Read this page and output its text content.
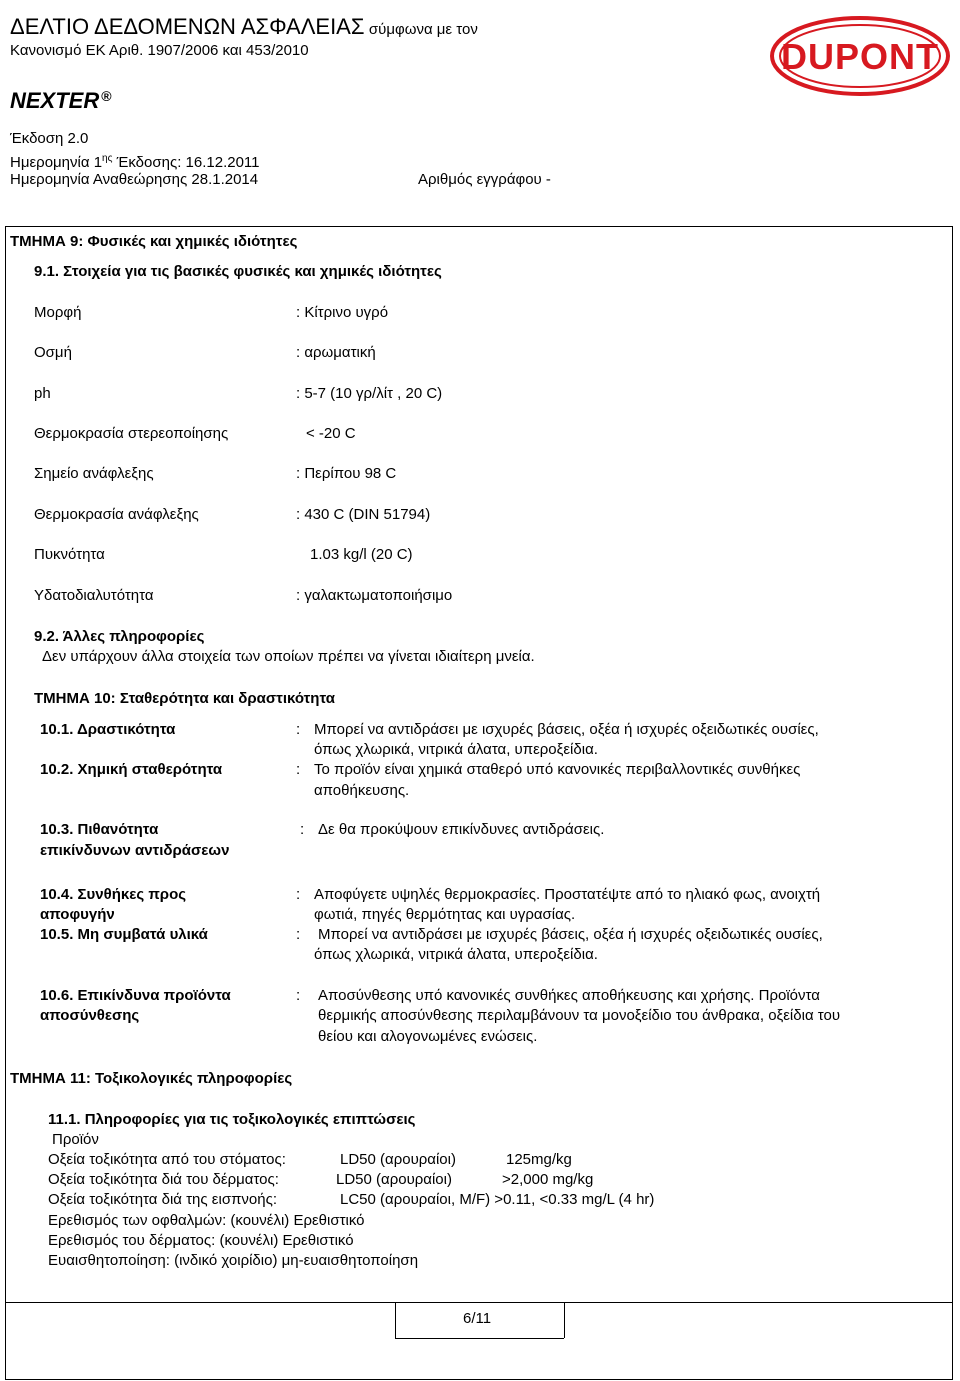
ΔΕΛΤΙΟ ΔΕΔΟΜΕΝΩΝ ΑΣΦΑΛΕΙΑΣ σύμφωνα με τον
Κανονισμό ΕΚ Αριθ. 1907/2006 και 453/2010
NEXTER ®
Έκδοση 2.0
Ημερομηνία $1^{\eta\varsigma}$ Έκδοσης: 16.12.2011
Ημερομηνία Αναθεώρησης 28.1.2014	Αριθμός εγγράφου -
DUPONT
ΤΜΗΜΑ 9: Φυσικές και χημικές ιδιότητες
9.1. Στοιχεία για τις βασικές φυσικές και χημικές ιδιότητες
Μορφή	: Κίτρινο υγρό
Οσμή	: αρωματική
ph	: 5-7 (10 γρ/λίτ , 20 C)
Θερμοκρασία στερεοποίησης	< -20 C
Σημείο ανάφλεξης	: Περίπου 98 C
Θερμοκρασία ανάφλεξης	: 430 C (DIN 51794)
Πυκνότητα	1.03 kg/l (20 C)
Υδατοδιαλυτότητα	: γαλακτωματοποιήσιμο
9.2. Άλλες πληροφορίες
Δεν υπάρχουν άλλα στοιχεία των οποίων πρέπει να γίνεται ιδιαίτερη μνεία.
ΤΜΗΜΑ 10: Σταθερότητα και δραστικότητα
10.1. Δραστικότητα	: Μπορεί να αντιδράσει με ισχυρές βάσεις, οξέα ή ισχυρές οξειδωτικές ουσίες,
όπως χλωρικά, νιτρικά άλατα, υπεροξείδια.
10.2. Χημική σταθερότητα	: Το προϊόν είναι χημικά σταθερό υπό κανονικές περιβαλλοντικές συνθήκες
αποθήκευσης.
10.3. Πιθανότητα
επικίνδυνων αντιδράσεων
: Δε θα προκύψουν επικίνδυνες αντιδράσεις.
10.4. Συνθήκες προς
αποφυγήν
: Αποφύγετε υψηλές θερμοκρασίες. Προστατέψτε από το ηλιακό φως, ανοιχτή
φωτιά, πηγές θερμότητας και υγρασίας.
10.5. Μη συμβατά υλικά	: Μπορεί να αντιδράσει με ισχυρές βάσεις, οξέα ή ισχυρές οξειδωτικές ουσίες,
όπως χλωρικά, νιτρικά άλατα, υπεροξείδια.
10.6. Επικίνδυνα προϊόντα
αποσύνθεσης
: Αποσύνθεσης υπό κανονικές συνθήκες αποθήκευσης και χρήσης. Προϊόντα
θερμικής αποσύνθεσης περιλαμβάνουν τα μονοξείδιο του άνθρακα, οξείδια του
θείου και αλογονωμένες ενώσεις.
ΤΜΗΜΑ 11: Τοξικολογικές πληροφορίες
11.1. Πληροφορίες για τις τοξικολογικές επιπτώσεις
Προϊόν
Οξεία τοξικότητα από του στόματος:	LD50 (αρουραίοι)	125mg/kg
Οξεία τοξικότητα διά του δέρματος:	LD50 (αρουραίοι)	>2,000 mg/kg
Οξεία τοξικότητα διά της εισπνοής:	LC50 (αρουραίοι, M/F) >0.11, <0.33 mg/L (4 hr)
Ερεθισμός των οφθαλμών: (κουνέλι) Ερεθιστικό
Ερεθισμός του δέρματος: (κουνέλι) Ερεθιστικό
Ευαισθητοποίηση: (ινδικό χοιρίδιο) μη-ευαισθητοποίηση
6/11
